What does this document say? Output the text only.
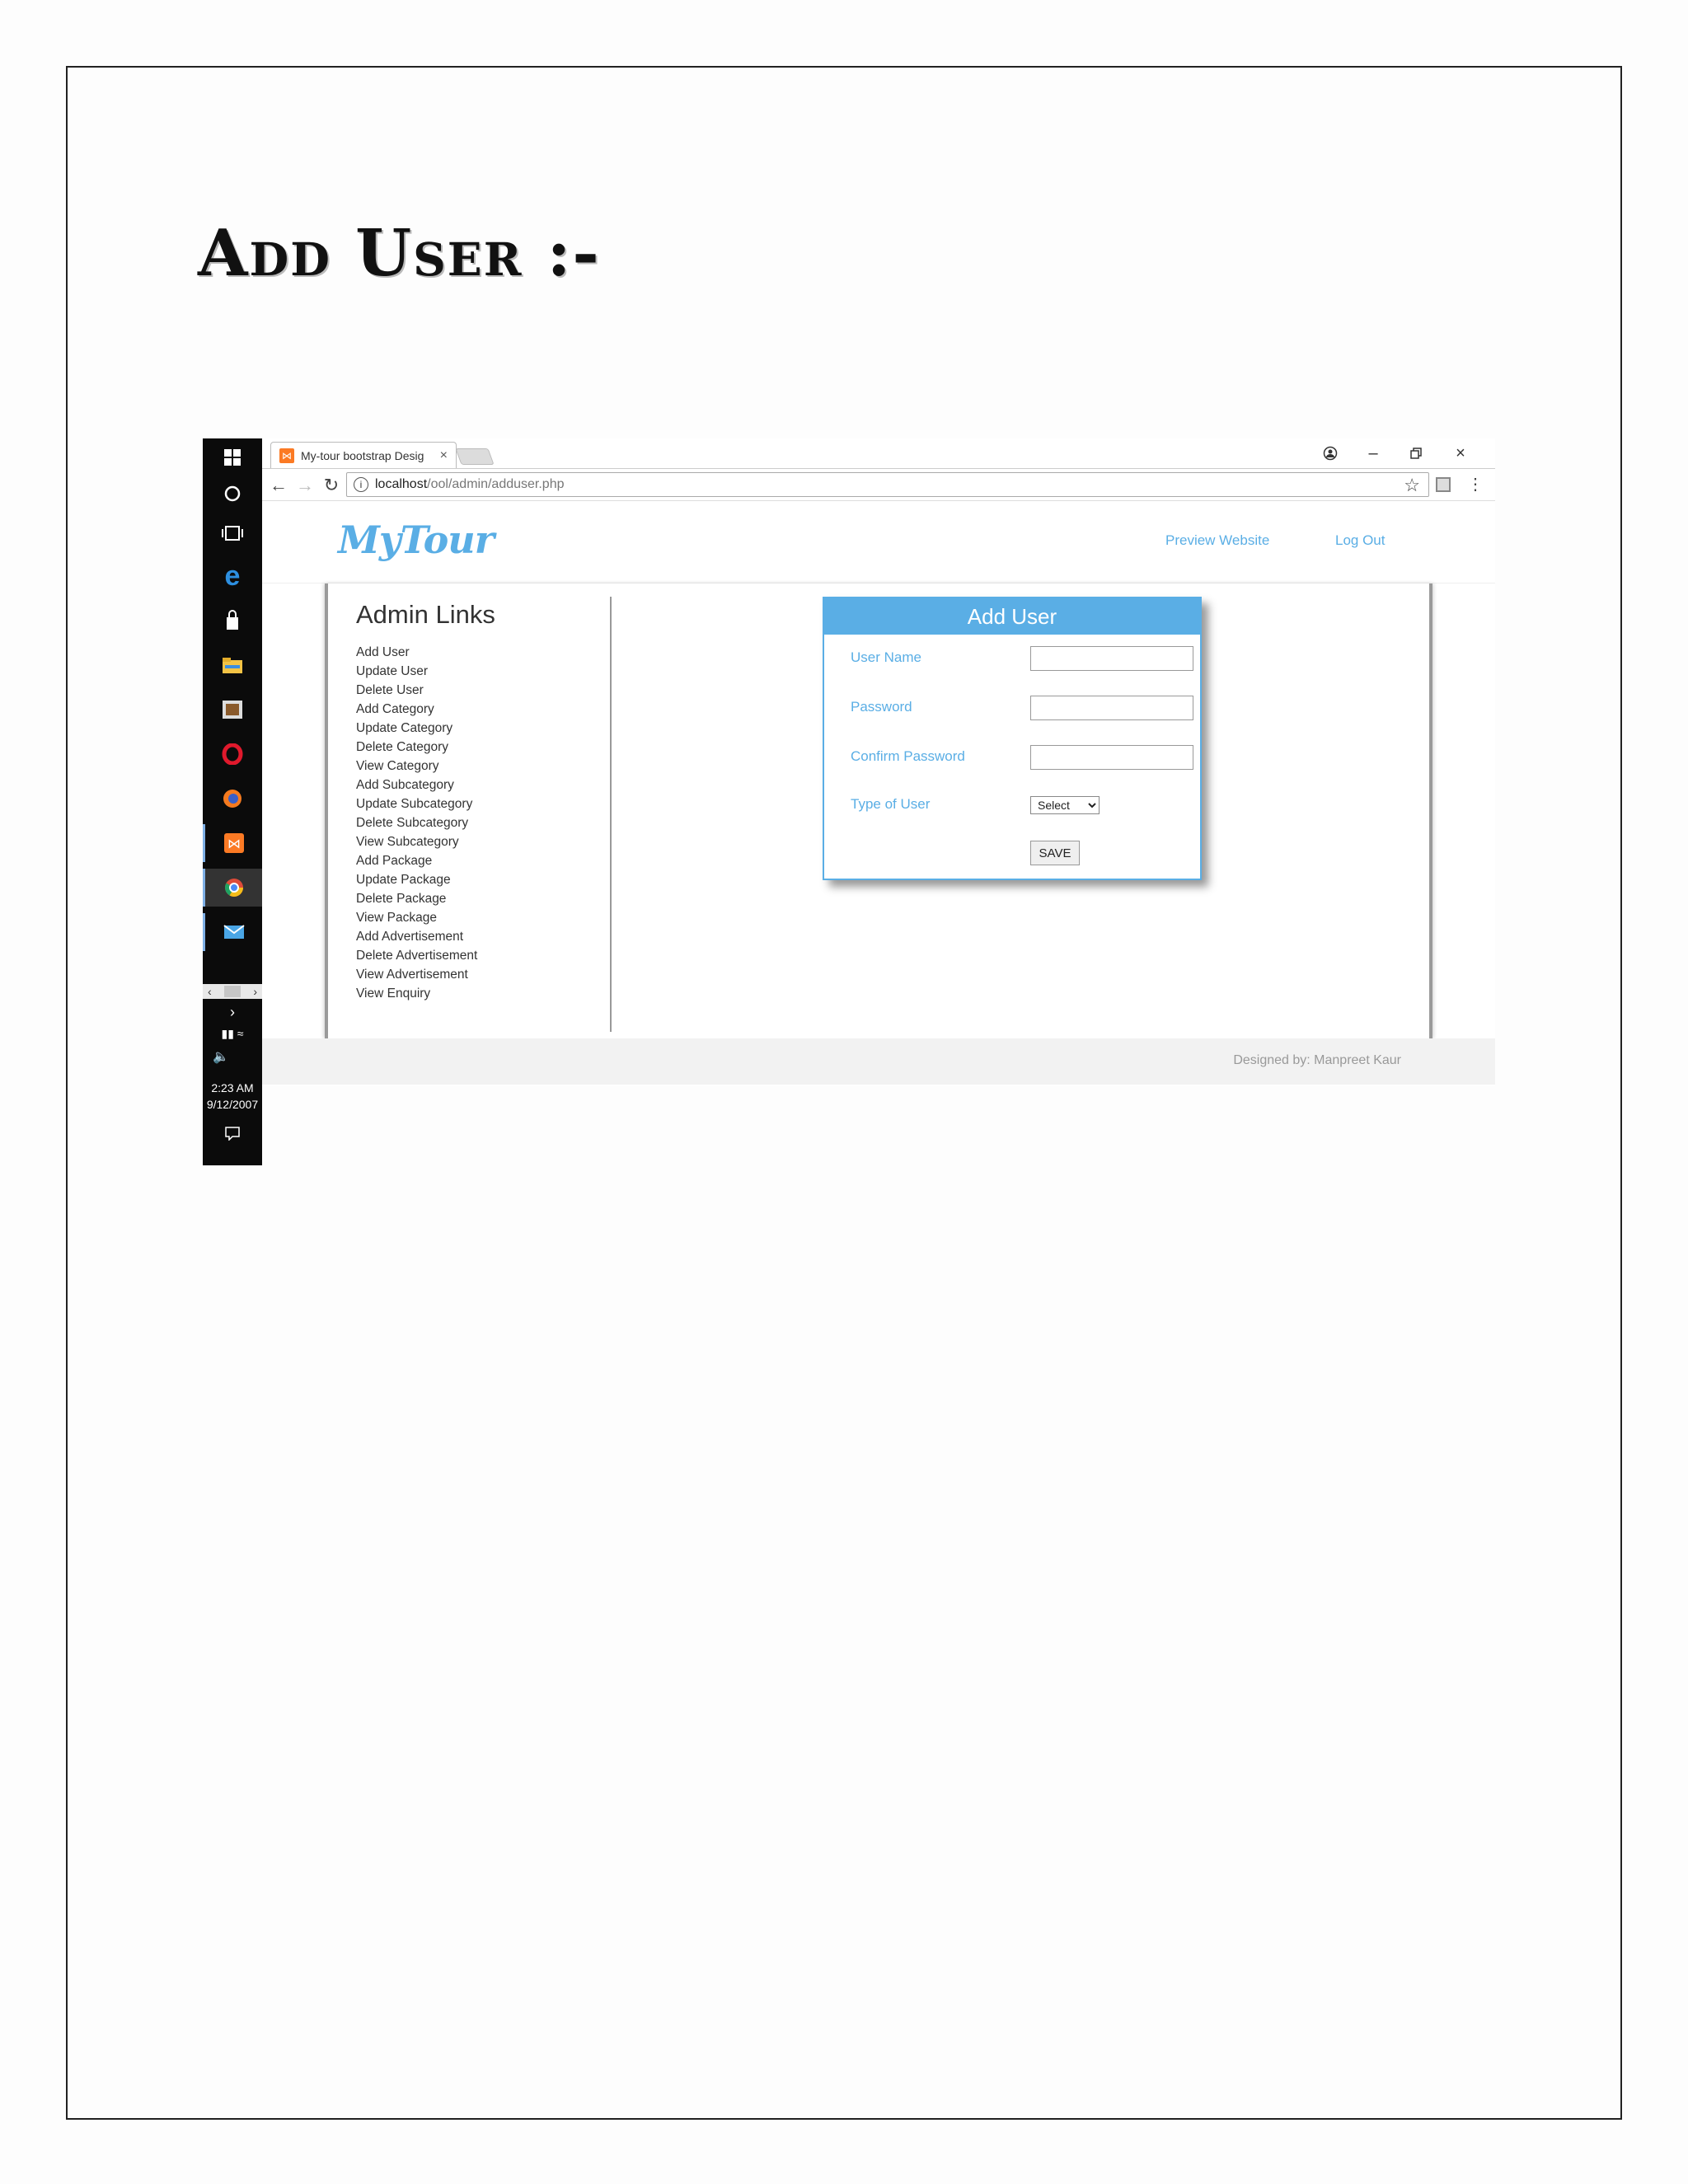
Add User :-
e
⋈
‹	›
›
▮▮ ≈
🔈
2:23 AM
9/12/2007
⋈ My-tour bootstrap Desig	×	–	×
← → ↻	i localhost /ool/admin/adduser.php	☆	⋮
MyTour	Preview Website	Log Out
Admin Links
Add User
Update User
Delete User
Add Category
Update Category
Delete Category
View Category
Add Subcategory
Update Subcategory
Delete Subcategory
View Subcategory
Add Package
Update Package
Delete Package
View Package
Add Advertisement
Delete Advertisement
View Advertisement
View Enquiry
Add User
User Name
Password
Confirm Password
Type of User
Select
SAVE
Designed by: Manpreet Kaur
